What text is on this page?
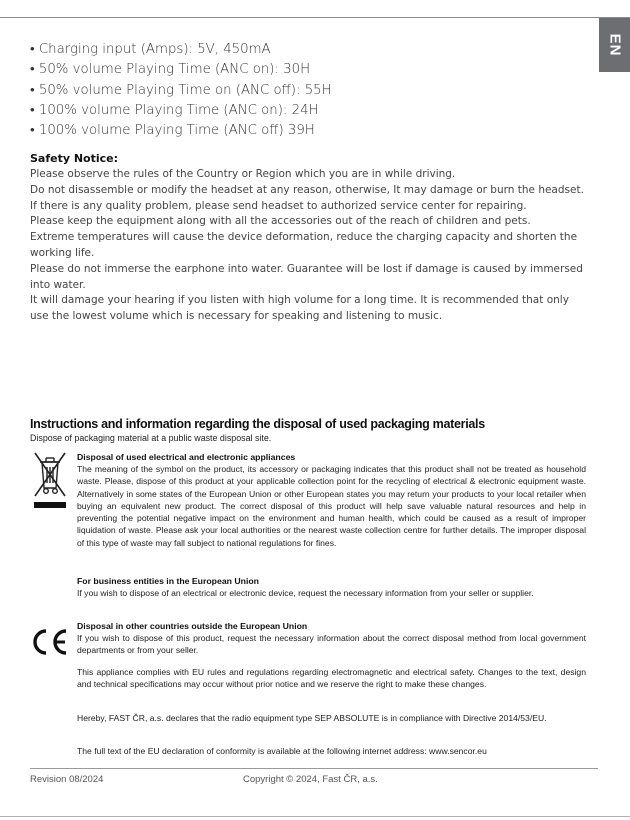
EN
• Charging input (Amps): 5V, 450mA
• 50% volume Playing Time (ANC on): 30H
• 50% volume Playing Time on (ANC off): 55H
• 100% volume Playing Time (ANC on): 24H
• 100% volume Playing Time (ANC off) 39H
Safety Notice:

Please observe the rules of the Country or Region which you are in while driving.

Do not disassemble or modify the headset at any reason, otherwise, It may damage or burn the headset.

If there is any quality problem, please send headset to authorized service center for repairing.

Please keep the equipment along with all the accessories out of the reach of children and pets.

Extreme temperatures will cause the device deformation, reduce the charging capacity and shorten the working life.

Please do not immerse the earphone into water. Guarantee will be lost if damage is caused by immersed into water.

It will damage your hearing if you listen with high volume for a long time. It is recommended that only use the lowest volume which is necessary for speaking and listening to music.

Instructions and information regarding the disposal of used packaging materials

Dispose of packaging material at a public waste disposal site.

Disposal of used electrical and electronic appliances

The meaning of the symbol on the product, its accessory or packaging indicates that this product shall not be treated as household waste. Please, dispose of this product at your applicable collection point for the recycling of electrical & electronic equipment waste. Alternatively in some states of the European Union or other European states you may return your products to your local retailer when buying an equivalent new product. The correct disposal of this product will help save valuable natural resources and help in preventing the potential negative impact on the environment and human health, which could be caused as a result of improper liquidation of waste. Please ask your local authorities or the nearest waste collection centre for further details. The improper disposal of this type of waste may fall subject to national regulations for fines.

For business entities in the European Union

If you wish to dispose of an electrical or electronic device, request the necessary information from your seller or supplier.

Disposal in other countries outside the European Union

If you wish to dispose of this product, request the necessary information about the correct disposal method from local government departments or from your seller.

This appliance complies with EU rules and regulations regarding electromagnetic and electrical safety. Changes to the text, design and technical specifications may occur without prior notice and we reserve the right to make these changes.

Hereby, FAST ČR, a.s. declares that the radio equipment type SEP ABSOLUTE is in compliance with Directive 2014/53/EU.

The full text of the EU declaration of conformity is available at the following internet address: www.sencor.eu

Revision 08/2024	Copyright © 2024, Fast ČR, a.s.
